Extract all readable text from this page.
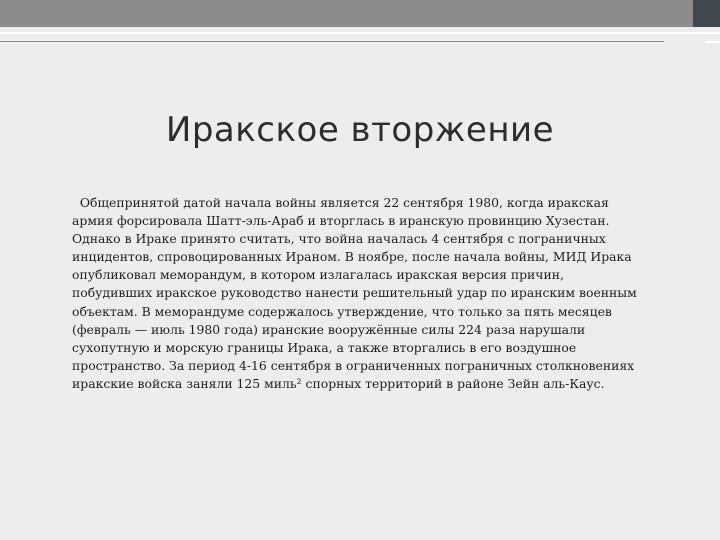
Иракское вторжение
Общепринятой датой начала войны является 22 сентября 1980, когда иракская
армия форсировала Шатт-эль-Араб и вторглась в иранскую провинцию Хузестан.
Однако в Ираке принято считать, что война началась 4 сентября с пограничных
инцидентов, спровоцированных Ираном. В ноябре, после начала войны, МИД Ирака
опубликовал меморандум, в котором излагалась иракская версия причин,
побудивших иракское руководство нанести решительный удар по иранским военным
объектам. В меморандуме содержалось утверждение, что только за пять месяцев
(февраль — июль 1980 года) иранские вооружённые силы 224 раза нарушали
сухопутную и морскую границы Ирака, а также вторгались в его воздушное
пространство. За период 4-16 сентября в ограниченных пограничных столкновениях
иракские войска заняли 125 миль² спорных территорий в районе Зейн аль-Каус.
